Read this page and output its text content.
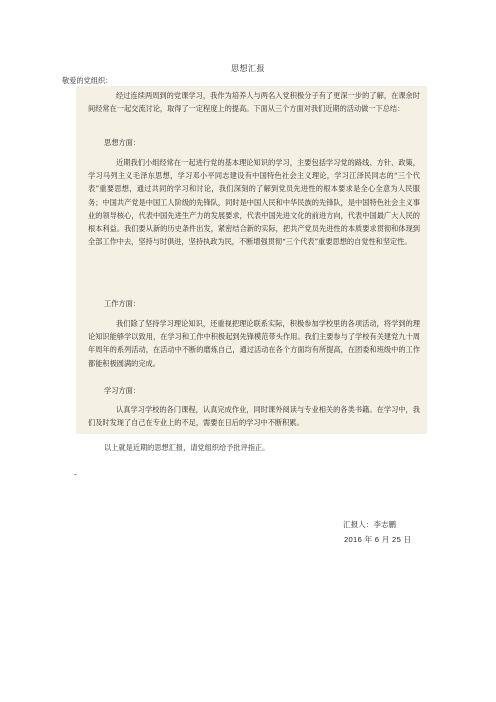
思想汇报
敬爱的党组织：

经过连续两周到的党课学习，我作为培养人与两名入党积极分子有了更深一步的了解，在课余时间经常在一起交流讨论，取得了一定程度上的提高。下面从三个方面对我们近期的活动做一下总结：

思想方面：

近期我们小组经常在一起进行党的基本理论知识的学习，主要包括学习党的路线、方针、政策，学习马列主义毛泽东思想，学习邓小平同志建设有中国特色社会主义理论，学习江泽民同志的“三个代表”重要思想，通过共同的学习和讨论，我们深刻的了解到党员先进性的根本要求是全心全意为人民服务；中国共产党是中国工人阶级的先锋队，同时是中国人民和中华民族的先锋队，是中国特色社会主义事业的领导核心，代表中国先进生产力的发展要求，代表中国先进文化的前进方向，代表中国最广大人民的根本利益。我们要从新的历史条件出发，紧密结合新的实际，把共产党员先进性的本质要求贯彻和体现到全部工作中去，坚持与时俱进，坚持执政为民，不断增强贯彻“三个代表”重要思想的自觉性和坚定性。

工作方面：

我们除了坚持学习理论知识，还重视把理论联系实际，积极参加学校里的各项活动，将学到的理论知识能够学以致用，在学习和工作中积极起到先锋模范带头作用。我们主要参与了学校有关建党九十周年周年的系列活动，在活动中不断的磨炼自己，通过活动在各个方面均有所提高，在团委和班级中的工作都能积极圆满的完成。

学习方面：

认真学习学校的各门课程，认真完成作业，同时课外阅读与专业相关的各类书籍。在学习中，我们及时发现了自己在专业上的不足，需要在日后的学习中不断积累。

以上就是近期的思想汇报，请党组织给予批评指正。
-
汇报人：李志鹏
2016 年 6 月 25 日
